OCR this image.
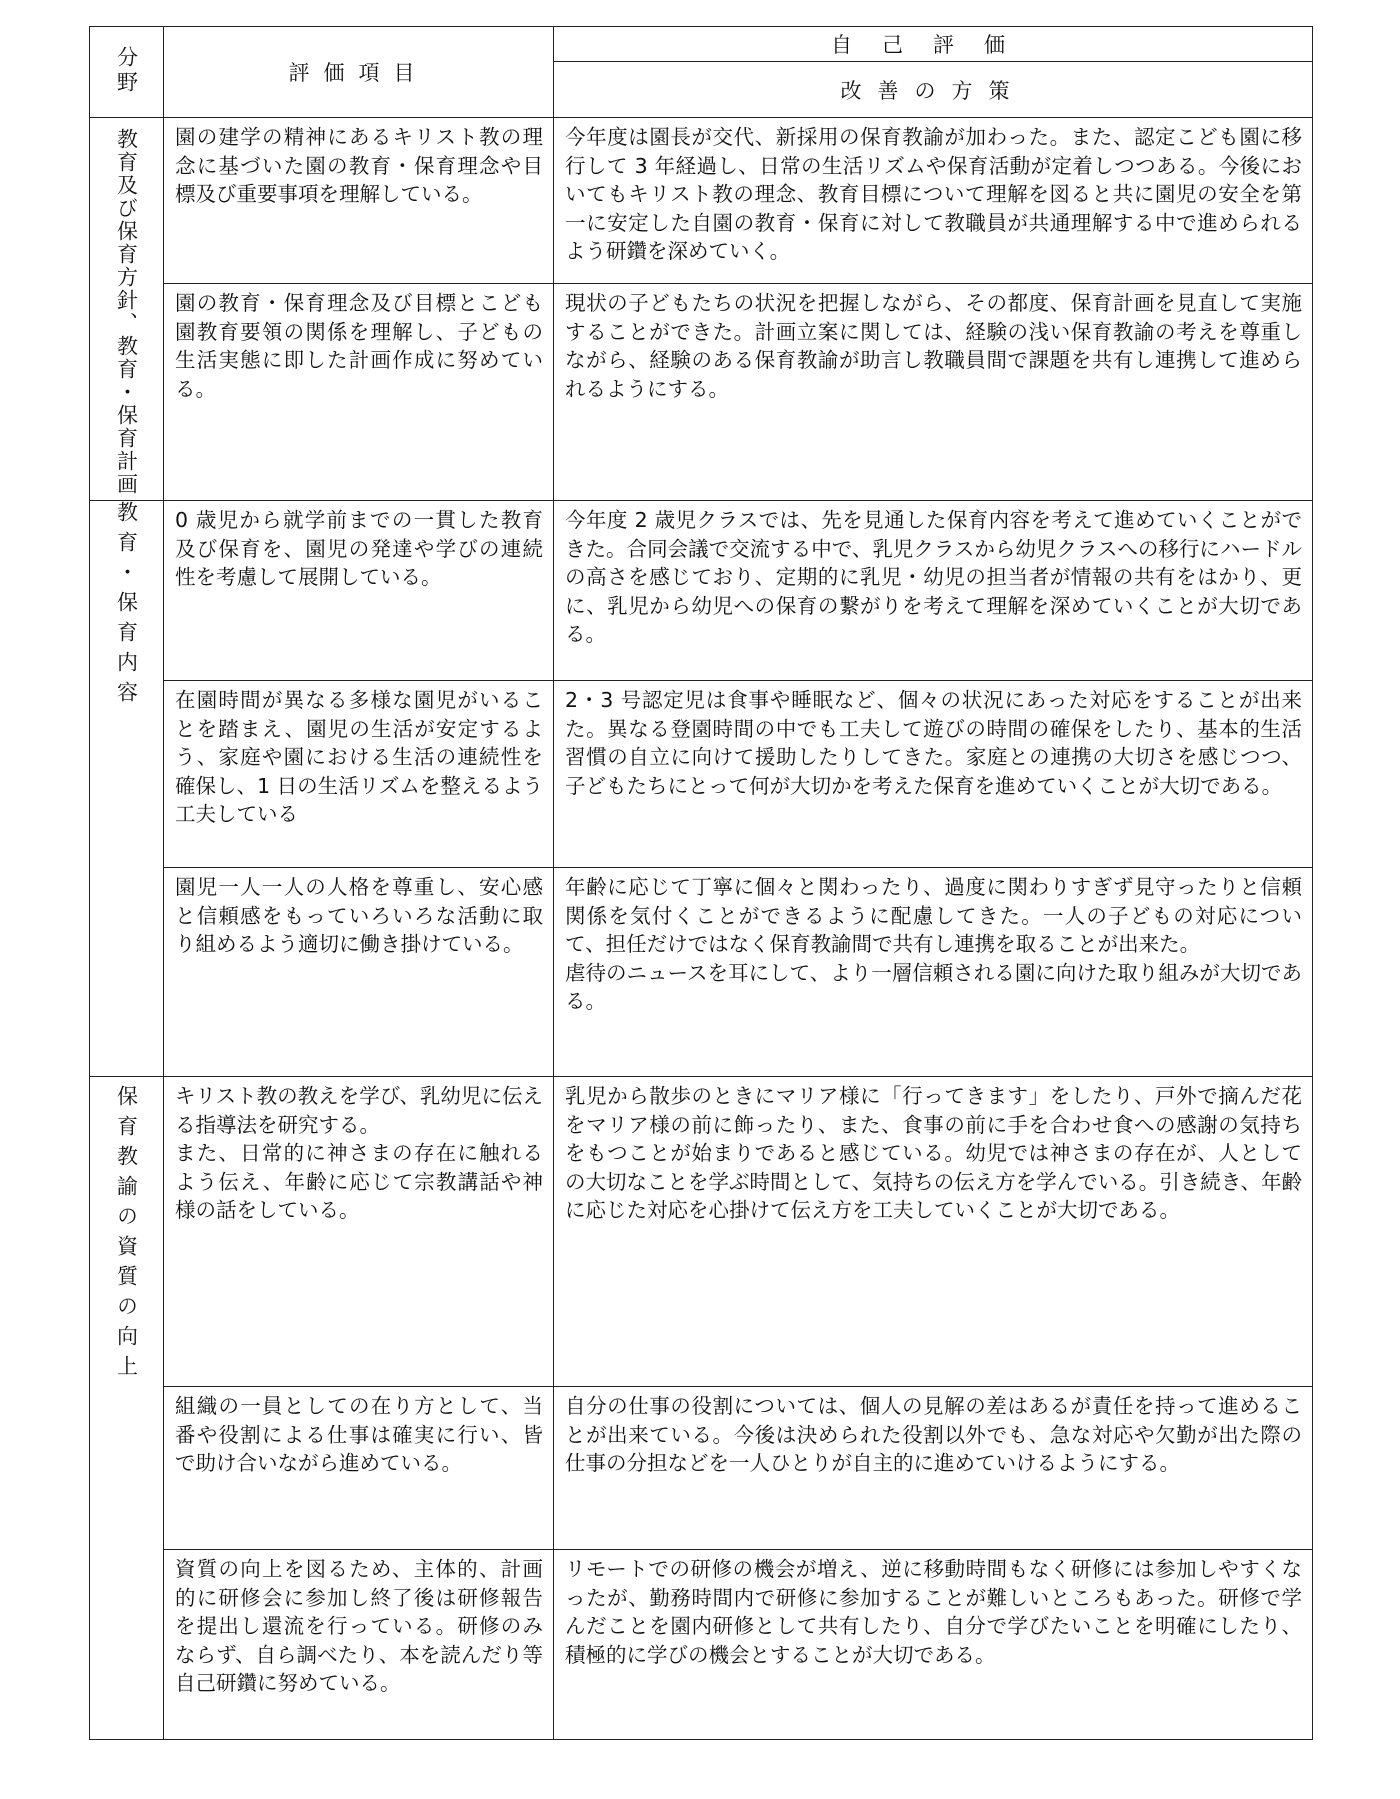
分野	評価項目	自己評価
		改善の方策
教育及び保育方針、教育・保育計画	園の建学の精神にあるキリスト教の理念に基づいた園の教育・保育理念や目標及び重要事項を理解している。	今年度は園長が交代、新採用の保育教諭が加わった。また、認定こども園に移行して 3 年経過し、日常の生活リズムや保育活動が定着しつつある。今後においてもキリスト教の理念、教育目標について理解を図ると共に園児の安全を第一に安定した自園の教育・保育に対して教職員が共通理解する中で進められるよう研鑽を深めていく。
	園の教育・保育理念及び目標とこども園教育要領の関係を理解し、子どもの生活実態に即した計画作成に努めている。	現状の子どもたちの状況を把握しながら、その都度、保育計画を見直して実施することができた。計画立案に関しては、経験の浅い保育教諭の考えを尊重しながら、経験のある保育教諭が助言し教職員間で課題を共有し連携して進められるようにする。
教育・保育内容	0 歳児から就学前までの一貫した教育及び保育を、園児の発達や学びの連続性を考慮して展開している。	今年度 2 歳児クラスでは、先を見通した保育内容を考えて進めていくことができた。合同会議で交流する中で、乳児クラスから幼児クラスへの移行にハードルの高さを感じており、定期的に乳児・幼児の担当者が情報の共有をはかり、更に、乳児から幼児への保育の繋がりを考えて理解を深めていくことが大切である。
	在園時間が異なる多様な園児がいることを踏まえ、園児の生活が安定するよう、家庭や園における生活の連続性を確保し、1 日の生活リズムを整えるよう工夫している	2・3 号認定児は食事や睡眠など、個々の状況にあった対応をすることが出来た。異なる登園時間の中でも工夫して遊びの時間の確保をしたり、基本的生活習慣の自立に向けて援助したりしてきた。家庭との連携の大切さを感じつつ、子どもたちにとって何が大切かを考えた保育を進めていくことが大切である。
	園児一人一人の人格を尊重し、安心感と信頼感をもっていろいろな活動に取り組めるよう適切に働き掛けている。	年齢に応じて丁寧に個々と関わったり、過度に関わりすぎず見守ったりと信頼関係を気付くことができるように配慮してきた。一人の子どもの対応について、担任だけではなく保育教諭間で共有し連携を取ることが出来た。
虐待のニュースを耳にして、より一層信頼される園に向けた取り組みが大切である。
保育教諭の資質の向上	キリスト教の教えを学び、乳幼児に伝える指導法を研究する。
また、日常的に神さまの存在に触れるよう伝え、年齢に応じて宗教講話や神様の話をしている。	乳児から散歩のときにマリア様に「行ってきます」をしたり、戸外で摘んだ花をマリア様の前に飾ったり、また、食事の前に手を合わせ食への感謝の気持ちをもつことが始まりであると感じている。幼児では神さまの存在が、人としての大切なことを学ぶ時間として、気持ちの伝え方を学んでいる。引き続き、年齢に応じた対応を心掛けて伝え方を工夫していくことが大切である。
	組織の一員としての在り方として、当番や役割による仕事は確実に行い、皆で助け合いながら進めている。	自分の仕事の役割については、個人の見解の差はあるが責任を持って進めることが出来ている。今後は決められた役割以外でも、急な対応や欠勤が出た際の仕事の分担などを一人ひとりが自主的に進めていけるようにする。
	資質の向上を図るため、主体的、計画的に研修会に参加し終了後は研修報告を提出し還流を行っている。研修のみならず、自ら調べたり、本を読んだり等自己研鑽に努めている。	リモートでの研修の機会が増え、逆に移動時間もなく研修には参加しやすくなったが、勤務時間内で研修に参加することが難しいところもあった。研修で学んだことを園内研修として共有したり、自分で学びたいことを明確にしたり、積極的に学びの機会とすることが大切である。
